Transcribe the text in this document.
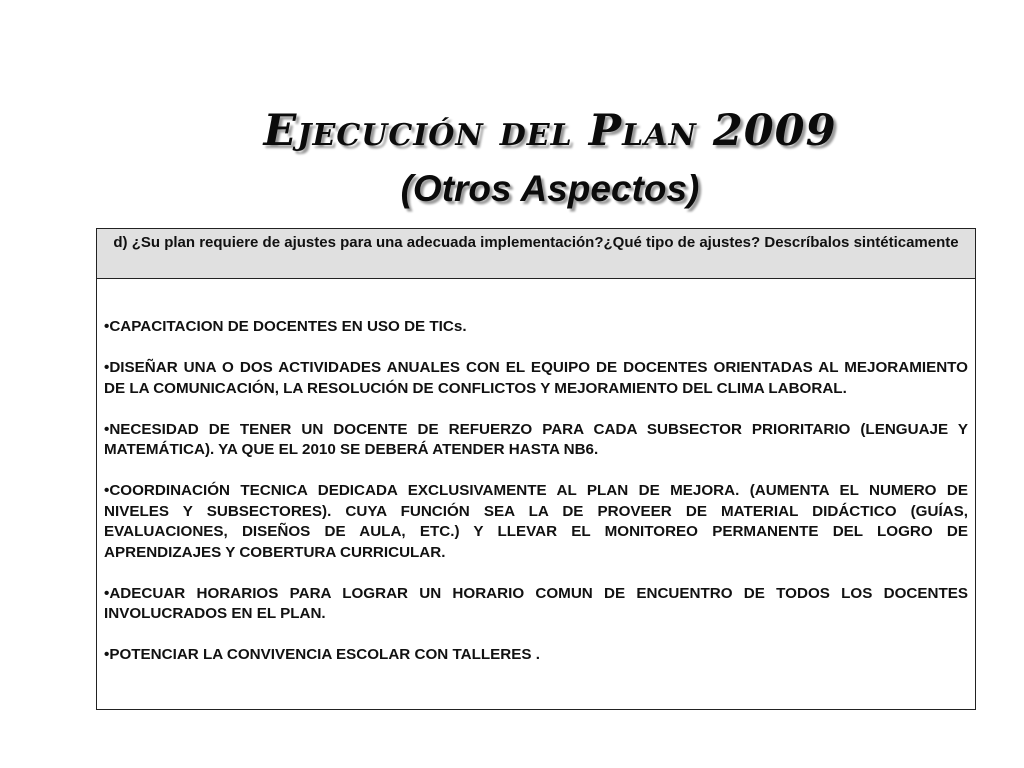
Ejecución del Plan 2009
(Otros Aspectos)
d) ¿Su plan requiere de ajustes para una adecuada implementación?¿Qué tipo de ajustes? Descríbalos sintéticamente
•CAPACITACION DE DOCENTES EN USO DE TICs.
•DISEÑAR UNA O DOS ACTIVIDADES ANUALES CON EL EQUIPO DE DOCENTES ORIENTADAS AL MEJORAMIENTO DE LA COMUNICACIÓN, LA RESOLUCIÓN DE CONFLICTOS Y MEJORAMIENTO DEL CLIMA LABORAL.
•NECESIDAD DE TENER UN DOCENTE DE REFUERZO PARA CADA SUBSECTOR PRIORITARIO (LENGUAJE Y MATEMÁTICA). YA QUE EL 2010 SE DEBERÁ ATENDER HASTA NB6.
•COORDINACIÓN TECNICA DEDICADA EXCLUSIVAMENTE AL PLAN DE MEJORA. (AUMENTA EL NUMERO DE NIVELES Y SUBSECTORES). CUYA FUNCIÓN SEA LA DE PROVEER DE MATERIAL DIDÁCTICO (GUÍAS, EVALUACIONES, DISEÑOS DE AULA, ETC.) Y LLEVAR EL MONITOREO PERMANENTE DEL LOGRO DE APRENDIZAJES Y COBERTURA CURRICULAR.
•ADECUAR HORARIOS PARA LOGRAR UN HORARIO COMUN DE ENCUENTRO DE TODOS LOS DOCENTES INVOLUCRADOS EN EL PLAN.
•POTENCIAR LA CONVIVENCIA ESCOLAR CON TALLERES .
